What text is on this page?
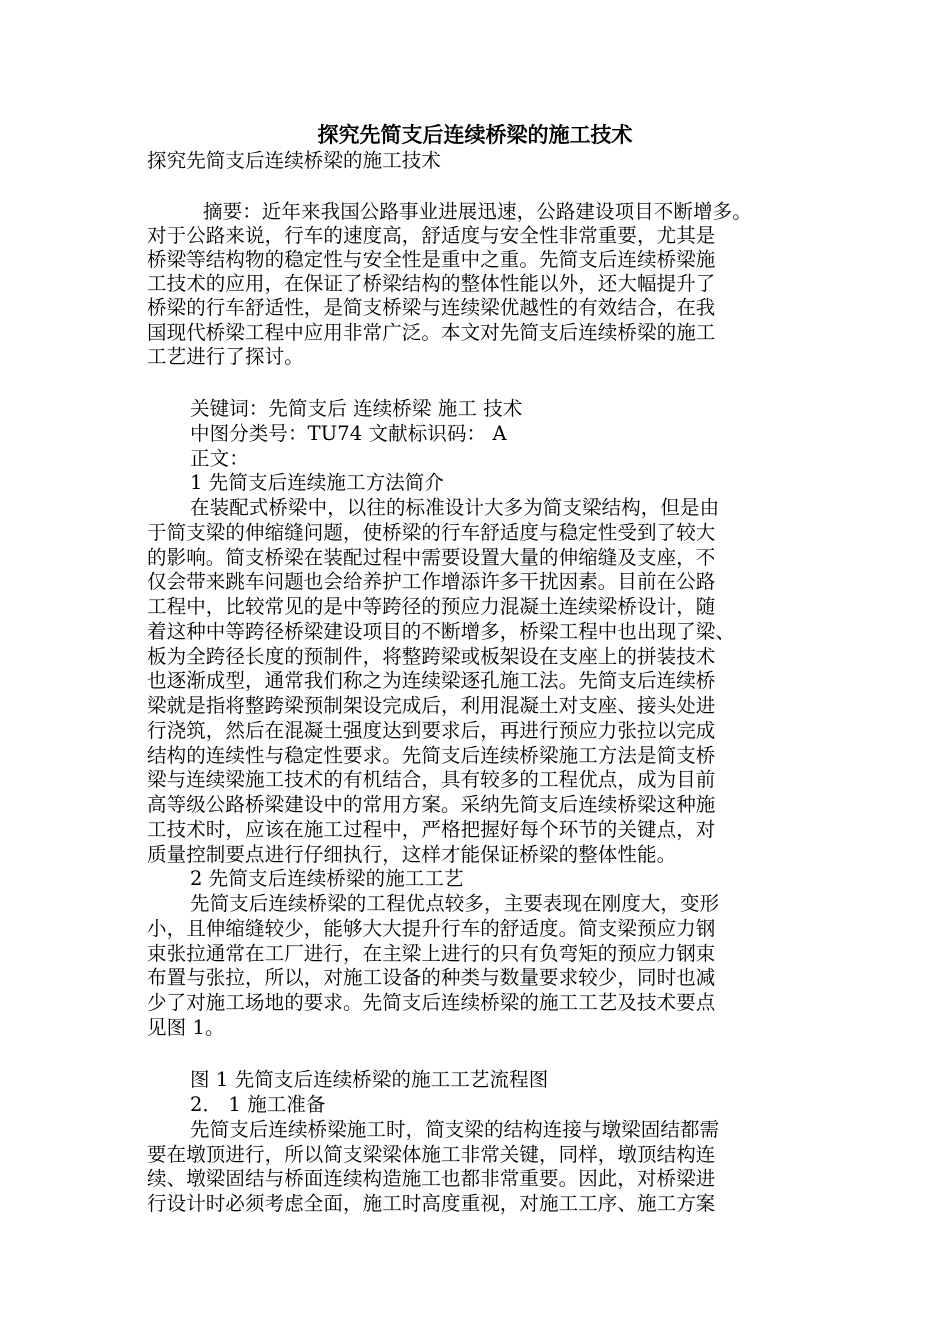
探究先简支后连续桥梁的施工技术
探究先简支后连续桥梁的施工技术
摘要：近年来我国公路事业进展迅速，公路建设项目不断增多。
对于公路来说，行车的速度高，舒适度与安全性非常重要，尤其是
桥梁等结构物的稳定性与安全性是重中之重。先简支后连续桥梁施
工技术的应用，在保证了桥梁结构的整体性能以外，还大幅提升了
桥梁的行车舒适性，是简支桥梁与连续梁优越性的有效结合，在我
国现代桥梁工程中应用非常广泛。本文对先简支后连续桥梁的施工
工艺进行了探讨。
关键词：先简支后 连续桥梁 施工 技术
中图分类号：TU74 文献标识码： A
正文：
1 先简支后连续施工方法简介
在装配式桥梁中，以往的标准设计大多为简支梁结构，但是由
于简支梁的伸缩缝问题，使桥梁的行车舒适度与稳定性受到了较大
的影响。简支桥梁在装配过程中需要设置大量的伸缩缝及支座，不
仅会带来跳车问题也会给养护工作增添许多干扰因素。目前在公路
工程中，比较常见的是中等跨径的预应力混凝土连续梁桥设计，随
着这种中等跨径桥梁建设项目的不断增多，桥梁工程中也出现了梁、
板为全跨径长度的预制件，将整跨梁或板架设在支座上的拼装技术
也逐渐成型，通常我们称之为连续梁逐孔施工法。先简支后连续桥
梁就是指将整跨梁预制架设完成后，利用混凝土对支座、接头处进
行浇筑，然后在混凝土强度达到要求后，再进行预应力张拉以完成
结构的连续性与稳定性要求。先简支后连续桥梁施工方法是简支桥
梁与连续梁施工技术的有机结合，具有较多的工程优点，成为目前
高等级公路桥梁建设中的常用方案。采纳先简支后连续桥梁这种施
工技术时，应该在施工过程中，严格把握好每个环节的关键点，对
质量控制要点进行仔细执行，这样才能保证桥梁的整体性能。
2 先简支后连续桥梁的施工工艺
先简支后连续桥梁的工程优点较多，主要表现在刚度大，变形
小，且伸缩缝较少，能够大大提升行车的舒适度。简支梁预应力钢
束张拉通常在工厂进行，在主梁上进行的只有负弯矩的预应力钢束
布置与张拉，所以，对施工设备的种类与数量要求较少，同时也减
少了对施工场地的要求。先简支后连续桥梁的施工工艺及技术要点
见图 1。
图 1 先简支后连续桥梁的施工工艺流程图
2． 1 施工准备
先简支后连续桥梁施工时，简支梁的结构连接与墩梁固结都需
要在墩顶进行，所以简支梁梁体施工非常关键，同样，墩顶结构连
续、墩梁固结与桥面连续构造施工也都非常重要。因此，对桥梁进
行设计时必须考虑全面，施工时高度重视，对施工工序、施工方案
